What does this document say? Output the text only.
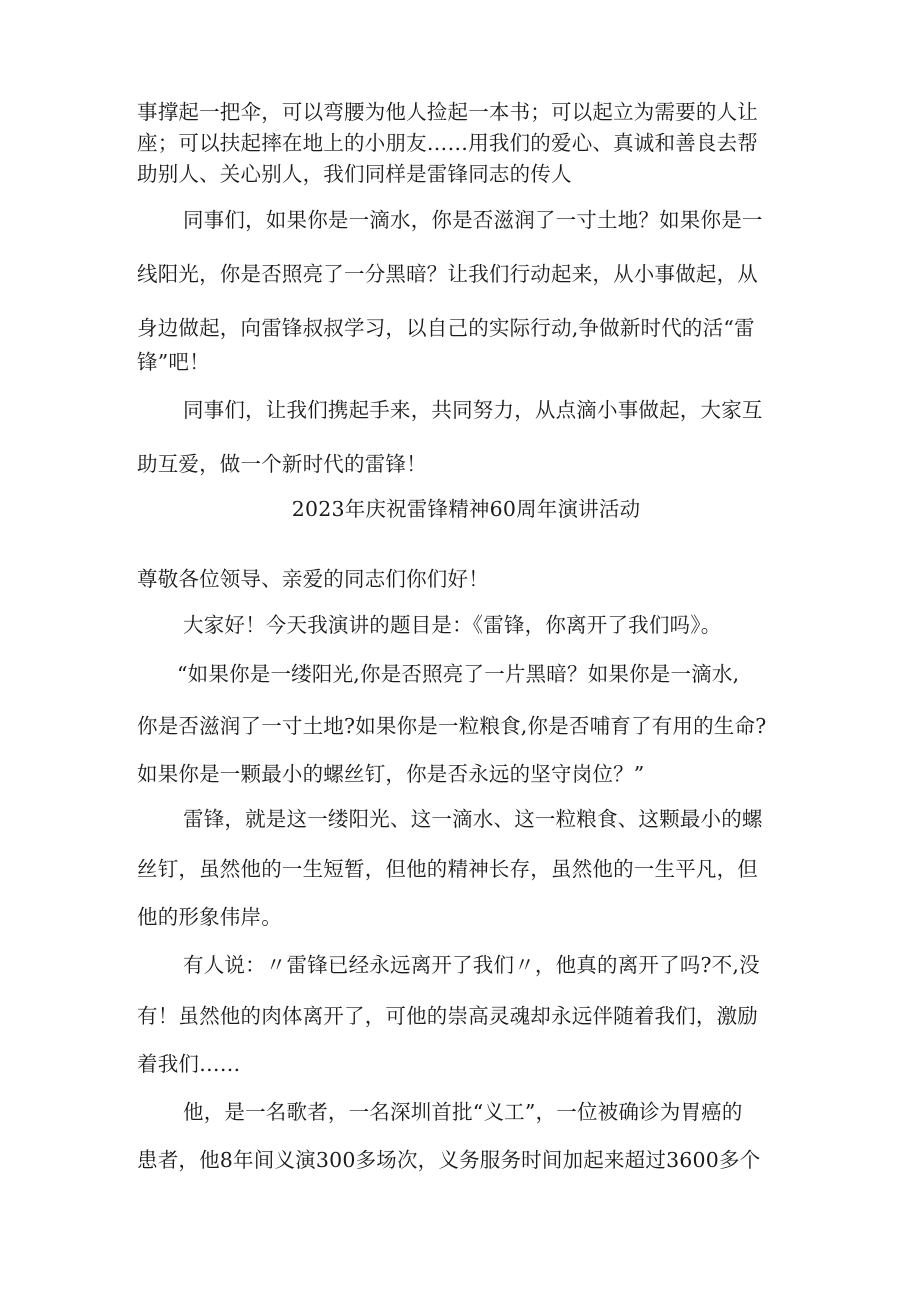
事撑起一把伞，可以弯腰为他人捡起一本书；可以起立为需要的人让
座；可以扶起摔在地上的小朋友……用我们的爱心、真诚和善良去帮
助别人、关心别人，我们同样是雷锋同志的传人
同事们，如果你是一滴水，你是否滋润了一寸土地？如果你是一
线阳光，你是否照亮了一分黑暗？让我们行动起来，从小事做起，从
身边做起，向雷锋叔叔学习，以自己的实际行动,争做新时代的活“雷
锋”吧！
同事们，让我们携起手来，共同努力，从点滴小事做起，大家互
助互爱，做一个新时代的雷锋！
2023年庆祝雷锋精神60周年演讲活动
尊敬各位领导、亲爱的同志们你们好！
大家好！今天我演讲的题目是：《雷锋，你离开了我们吗》。
“如果你是一缕阳光,你是否照亮了一片黑暗？如果你是一滴水,
你是否滋润了一寸土地?如果你是一粒粮食,你是否哺育了有用的生命?
如果你是一颗最小的螺丝钉，你是否永远的坚守岗位？”
雷锋，就是这一缕阳光、这一滴水、这一粒粮食、这颗最小的螺
丝钉，虽然他的一生短暂，但他的精神长存，虽然他的一生平凡，但
他的形象伟岸。
有人说：〃雷锋已经永远离开了我们〃，他真的离开了吗?不,没
有！虽然他的肉体离开了，可他的崇高灵魂却永远伴随着我们，激励
着我们……
他，是一名歌者，一名深圳首批“义工”，一位被确诊为胃癌的
患者，他8年间义演300多场次，义务服务时间加起来超过3600多个
